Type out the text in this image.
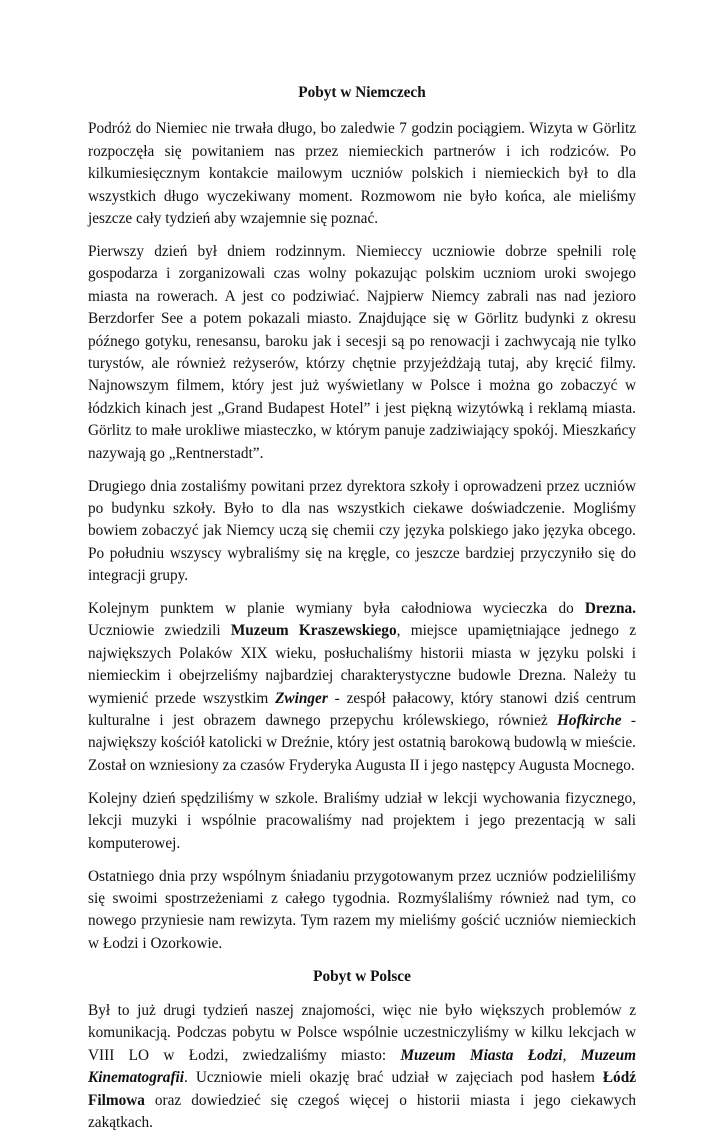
Pobyt w Niemczech

Podróż do Niemiec nie trwała długo, bo zaledwie 7 godzin pociągiem. Wizyta w Görlitz rozpoczęła się powitaniem nas przez niemieckich partnerów i ich rodziców. Po kilkumiesięcznym kontakcie mailowym uczniów polskich i niemieckich był to dla wszystkich długo wyczekiwany moment. Rozmowom nie było końca, ale mieliśmy jeszcze cały tydzień aby wzajemnie się poznać.

Pierwszy dzień był dniem rodzinnym. Niemieccy uczniowie dobrze spełnili rolę gospodarza i zorganizowali czas wolny pokazując polskim uczniom uroki swojego miasta na rowerach. A jest co podziwiać. Najpierw Niemcy zabrali nas nad jezioro Berzdorfer See a potem pokazali miasto. Znajdujące się w Görlitz budynki z okresu późnego gotyku, renesansu, baroku jak i secesji są po renowacji i zachwycają nie tylko turystów, ale również reżyserów, którzy chętnie przyjeżdżają tutaj, aby kręcić filmy. Najnowszym filmem, który jest już wyświetlany w Polsce i można go zobaczyć w łódzkich kinach jest „Grand Budapest Hotel” i jest piękną wizytówką i reklamą miasta. Görlitz to małe urokliwe miasteczko, w którym panuje zadziwiający spokój. Mieszkańcy nazywają go „Rentnerstadt”.

Drugiego dnia zostaliśmy powitani przez dyrektora szkoły i oprowadzeni przez uczniów po budynku szkoły. Było to dla nas wszystkich ciekawe doświadczenie. Mogliśmy bowiem zobaczyć jak Niemcy uczą się chemii czy języka polskiego jako języka obcego. Po południu wszyscy wybraliśmy się na kręgle, co jeszcze bardziej przyczyniło się do integracji grupy.

Kolejnym punktem w planie wymiany była całodniowa wycieczka do Drezna. Uczniowie zwiedzili Muzeum Kraszewskiego, miejsce upamiętniające jednego z największych Polaków XIX wieku, posłuchaliśmy historii miasta w języku polski i niemieckim i obejrzeliśmy najbardziej charakterystyczne budowle Drezna. Należy tu wymienić przede wszystkim Zwinger - zespół pałacowy, który stanowi dziś centrum kulturalne i jest obrazem dawnego przepychu królewskiego, również Hofkirche - największy kościół katolicki w Dreźnie, który jest ostatnią barokową budowlą w mieście. Został on wzniesiony za czasów Fryderyka Augusta II i jego następcy Augusta Mocnego.

Kolejny dzień spędziliśmy w szkole. Braliśmy udział w lekcji wychowania fizycznego, lekcji muzyki i wspólnie pracowaliśmy nad projektem i jego prezentacją w sali komputerowej.

Ostatniego dnia przy wspólnym śniadaniu przygotowanym przez uczniów podzieliliśmy się swoimi spostrzeżeniami z całego tygodnia. Rozmyślaliśmy również nad tym, co nowego przyniesie nam rewizyta. Tym razem my mieliśmy gościć uczniów niemieckich w Łodzi i Ozorkowie.

Pobyt w Polsce

Był to już drugi tydzień naszej znajomości, więc nie było większych problemów z komunikacją. Podczas pobytu w Polsce wspólnie uczestniczyliśmy w kilku lekcjach w VIII LO w Łodzi, zwiedzaliśmy miasto: Muzeum Miasta Łodzi, Muzeum Kinematografii. Uczniowie mieli okazję brać udział w zajęciach pod hasłem Łódź Filmowa oraz dowiedzieć się czegoś więcej o historii miasta i jego ciekawych zakątkach.
